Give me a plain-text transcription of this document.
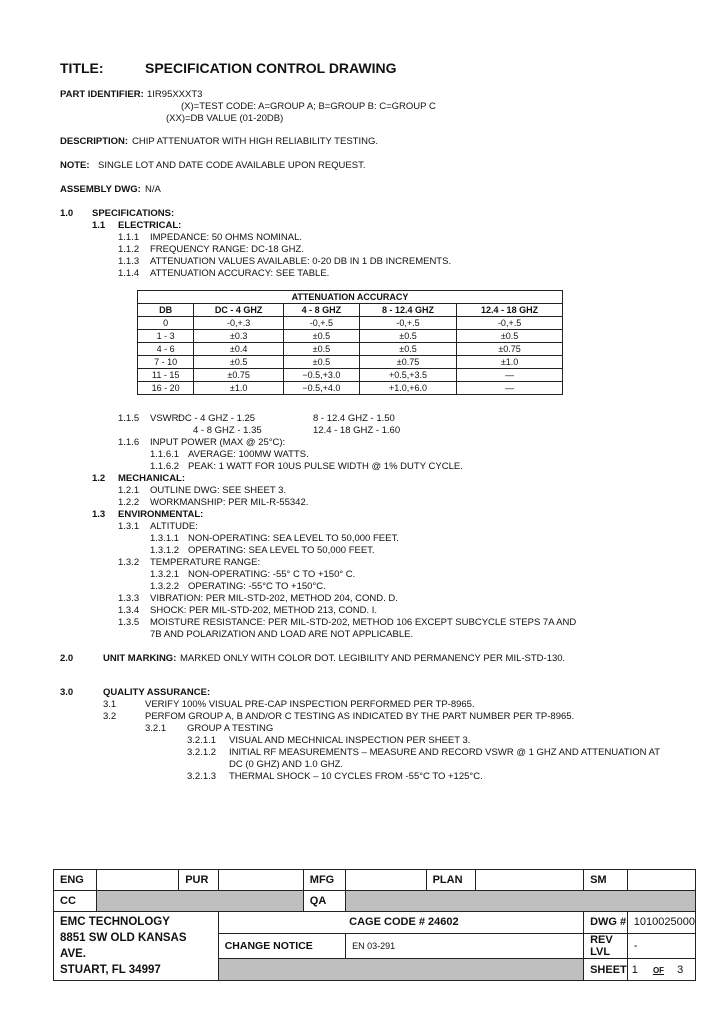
TITLE:	SPECIFICATION CONTROL DRAWING
PART IDENTIFIER: 1IR95XXXT3
(X)=TEST CODE: A=GROUP A; B=GROUP B: C=GROUP C
(XX)=DB VALUE (01-20DB)
DESCRIPTION: CHIP ATTENUATOR WITH HIGH RELIABILITY TESTING.
NOTE: SINGLE LOT AND DATE CODE AVAILABLE UPON REQUEST.
ASSEMBLY DWG: N/A
1.0 SPECIFICATIONS:
1.1 ELECTRICAL:
1.1.1 IMPEDANCE: 50 OHMS NOMINAL.
1.1.2 FREQUENCY RANGE: DC-18 GHZ.
1.1.3 ATTENUATION VALUES AVAILABLE: 0-20 DB IN 1 DB INCREMENTS.
1.1.4 ATTENUATION ACCURACY: SEE TABLE.
ATTENUATION ACCURACY				
DB	DC - 4 GHZ	4 - 8 GHZ	8 - 12.4 GHZ	12.4 - 18 GHZ
0	-0,+.3	-0,+.5	-0,+.5	-0,+.5
1 - 3	±0.3	±0.5	±0.5	±0.5
4 - 6	±0.4	±0.5	±0.5	±0.75
7 - 10	±0.5	±0.5	±0.75	±1.0
11 - 15	±0.75	−0.5,+3.0	+0.5,+3.5	—
16 - 20	±1.0	−0.5,+4.0	+1.0,+6.0	—
1.1.5 VSWR:
DC - 4 GHZ - 1.25	8 - 12.4 GHZ - 1.50
4 - 8 GHZ - 1.35	12.4 - 18 GHZ - 1.60
1.1.6 INPUT POWER (MAX @ 25°C):
1.1.6.1 AVERAGE: 100MW WATTS.
1.1.6.2 PEAK: 1 WATT FOR 10US PULSE WIDTH @ 1% DUTY CYCLE.
1.2 MECHANICAL:
1.2.1 OUTLINE DWG: SEE SHEET 3.
1.2.2 WORKMANSHIP: PER MIL-R-55342.
1.3 ENVIRONMENTAL:
1.3.1 ALTITUDE:
1.3.1.1 NON-OPERATING: SEA LEVEL TO 50,000 FEET.
1.3.1.2 OPERATING: SEA LEVEL TO 50,000 FEET.
1.3.2 TEMPERATURE RANGE:
1.3.2.1 NON-OPERATING: -55° C TO +150° C.
1.3.2.2 OPERATING: -55°C TO +150°C.
1.3.3 VIBRATION: PER MIL-STD-202, METHOD 204, COND. D.
1.3.4 SHOCK: PER MIL-STD-202, METHOD 213, COND. I.
1.3.5 MOISTURE RESISTANCE: PER MIL-STD-202, METHOD 106 EXCEPT SUBCYCLE STEPS 7A AND
7B AND POLARIZATION AND LOAD ARE NOT APPLICABLE.
2.0	UNIT MARKING: MARKED ONLY WITH COLOR DOT. LEGIBILITY AND PERMANENCY PER MIL-STD-130.
3.0	QUALITY ASSURANCE:
3.1	VERIFY 100% VISUAL PRE-CAP INSPECTION PERFORMED PER TP-8965.
3.2	PERFOM GROUP A, B AND/OR C TESTING AS INDICATED BY THE PART NUMBER PER TP-8965.
3.2.1 GROUP A TESTING
3.2.1.1 VISUAL AND MECHNICAL INSPECTION PER SHEET 3.
3.2.1.2 INITIAL RF MEASUREMENTS – MEASURE AND RECORD VSWR @ 1 GHZ AND ATTENUATION AT
DC (0 GHZ) AND 1.0 GHZ.
3.2.1.3 THERMAL SHOCK – 10 CYCLES FROM -55°C TO +125°C.
ENG		PUR		MFG		PLAN		SM	
CC				QA					

EMC TECHNOLOGY
8851 SW OLD KANSAS AVE.
STUART, FL 34997			CAGE CODE # 24602					DWG #	1010025000
			CHANGE NOTICE		EN 03-291			REV LVL	-
								SHEET	1 OF 3
